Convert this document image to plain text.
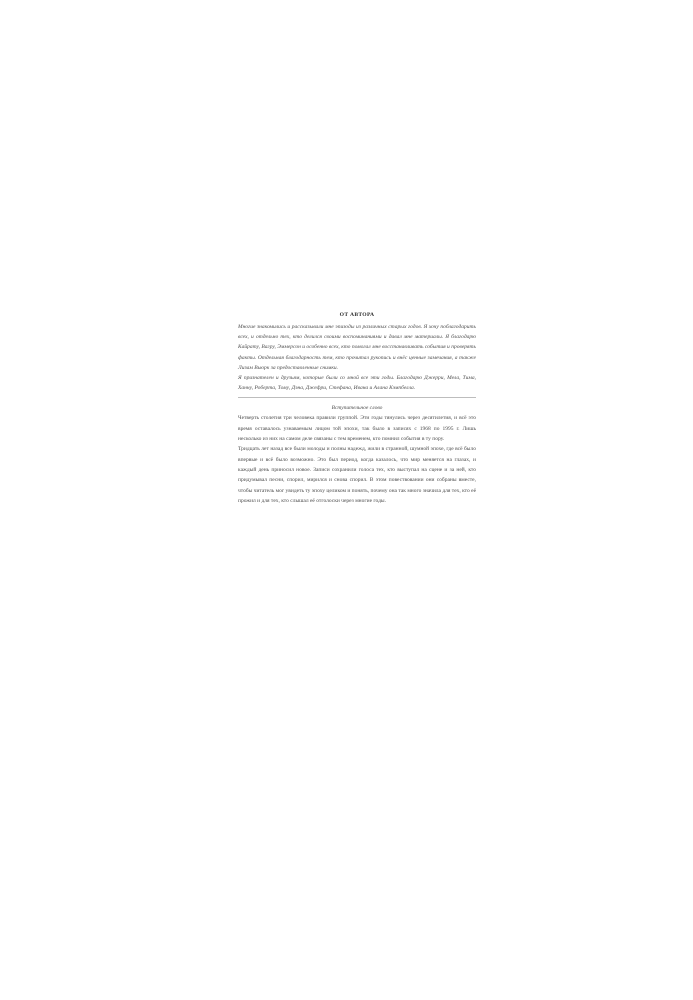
ОТ АВТОРА

Многие знакомились и рассказывали мне эпизоды из различных старых годов. Я хочу поблагодарить всех, и отдельно тех, кто делился своими воспоминаниями и давал мне материалы. Я благодарю Кайрату, Вагру, Эммерсон и особенно всех, кто помогал мне восстанавливать события и проверять факты. Отдельная благодарность тем, кто прочитал рукопись и внёс ценные замечания, а также Лизам Вьюрк за предоставленные снимки.

Я признателен и друзьям, которые были со мной все эти годы. Благодарю Джерри, Мела, Тима, Ханну, Роберта, Тому, Дэна, Джефри, Стефана, Ивана и Алана Кэмпбелла.

Вступительное слово

Четверть столетия три человека правили группой. Эти годы тянулись через десятилетия, и всё это время оставалось узнаваемым лицом той эпохи, так было в записях с 1968 по 1995 г. Лишь несколько из них на самом деле связаны с тем временем, кто помнил события в ту пору.

Тридцать лет назад все были молоды и полны надежд, жили в странной, шумной эпохе, где всё было впервые и всё было возможно. Это был период, когда казалось, что мир меняется на глазах, и каждый день приносил новое. Записи сохранили голоса тех, кто выступал на сцене и за ней, кто придумывал песни, спорил, мирился и снова спорил. В этом повествовании они собраны вместе, чтобы читатель мог увидеть ту эпоху целиком и понять, почему она так много значила для тех, кто её прожил и для тех, кто слышал её отголоски через многие годы.
